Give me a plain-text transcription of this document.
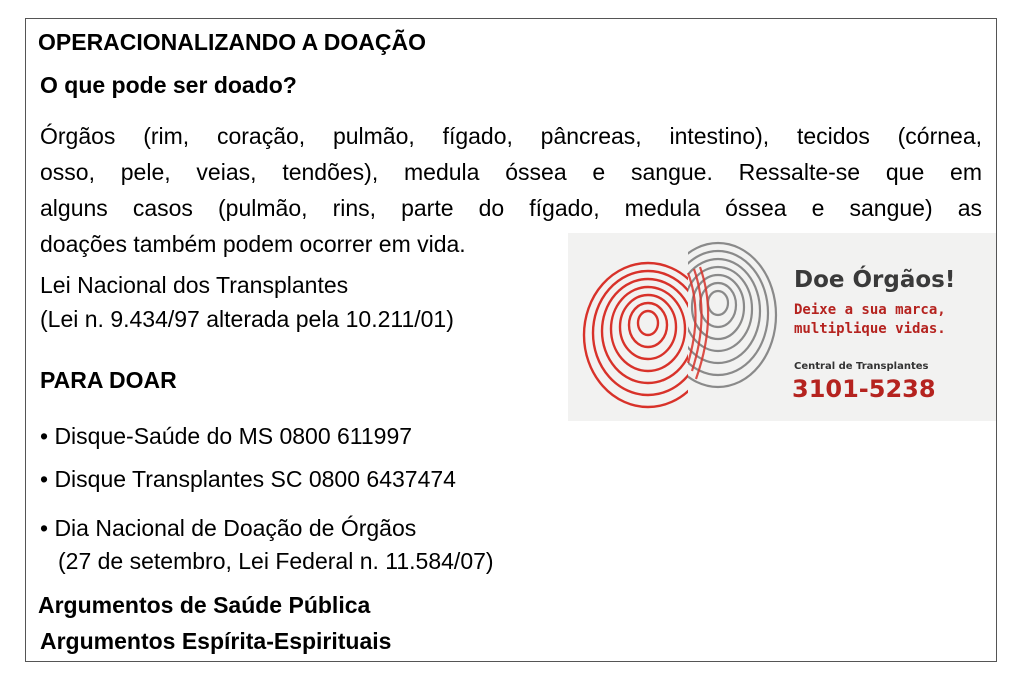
OPERACIONALIZANDO A DOAÇÃO
O que pode ser doado?
Órgãos (rim, coração, pulmão, fígado, pâncreas, intestino), tecidos (córnea,
osso, pele, veias, tendões), medula óssea e sangue. Ressalte-se que em
alguns casos (pulmão, rins, parte do fígado, medula óssea e sangue) as
doações também podem ocorrer em vida.
Lei Nacional dos Transplantes
(Lei n. 9.434/97 alterada pela 10.211/01)
PARA DOAR
• Disque-Saúde do MS 0800 611997
• Disque Transplantes SC 0800 6437474
• Dia Nacional de Doação de Órgãos
(27 de setembro, Lei Federal n. 11.584/07)
Argumentos de Saúde Pública
Argumentos Espírita-Espirituais
Doe Órgãos!
Deixe a sua marca,
multiplique vidas.
Central de Transplantes
3101-5238
